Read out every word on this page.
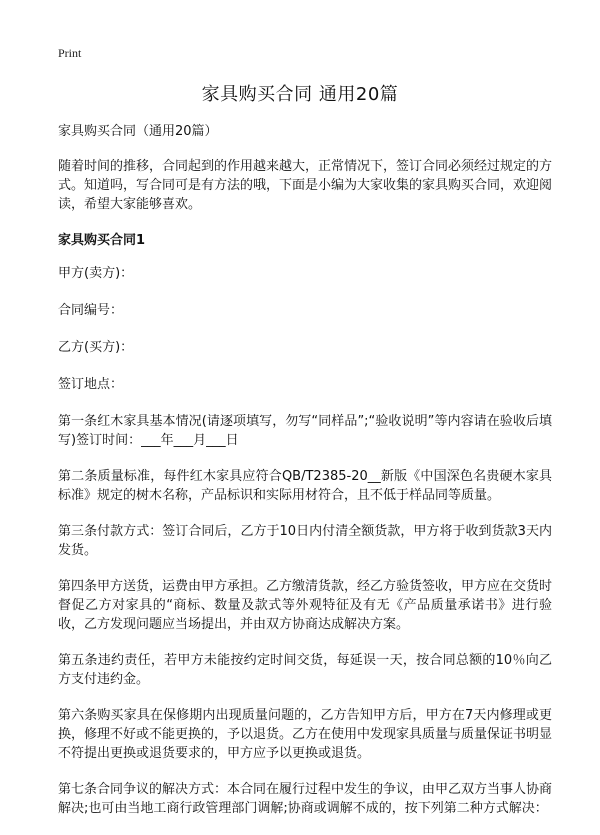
Print
家具购买合同 通用20篇

家具购买合同（通用20篇）

随着时间的推移，合同起到的作用越来越大，正常情况下，签订合同必须经过规定的方式。知道吗，写合同可是有方法的哦，下面是小编为大家收集的家具购买合同，欢迎阅读，希望大家能够喜欢。

家具购买合同1

甲方(卖方)：

合同编号：

乙方(买方)：

签订地点：

第一条红木家具基本情况(请逐项填写，勿写“同样品”;“验收说明”等内容请在验收后填写)签订时间：___年___月___日

第二条质量标准，每件红木家具应符合QB/T2385-20__新版《中国深色名贵硬木家具标准》规定的树木名称，产品标识和实际用材符合，且不低于样品同等质量。

第三条付款方式：签订合同后，乙方于10日内付清全额货款，甲方将于收到货款3天内发货。

第四条甲方送货，运费由甲方承担。乙方缴清货款，经乙方验货签收，甲方应在交货时督促乙方对家具的“商标、数量及款式等外观特征及有无《产品质量承诺书》进行验收，乙方发现问题应当场提出，并由双方协商达成解决方案。

第五条违约责任，若甲方未能按约定时间交货，每延误一天，按合同总额的10％向乙方支付违约金。

第六条购买家具在保修期内出现质量问题的，乙方告知甲方后，甲方在7天内修理或更换，修理不好或不能更换的，予以退货。乙方在使用中发现家具质量与质量保证书明显不符提出更换或退货要求的，甲方应予以更换或退货。

第七条合同争议的解决方式：本合同在履行过程中发生的争议，由甲乙双方当事人协商解决;也可由当地工商行政管理部门调解;协商或调解不成的，按下列第二种方式解决：
